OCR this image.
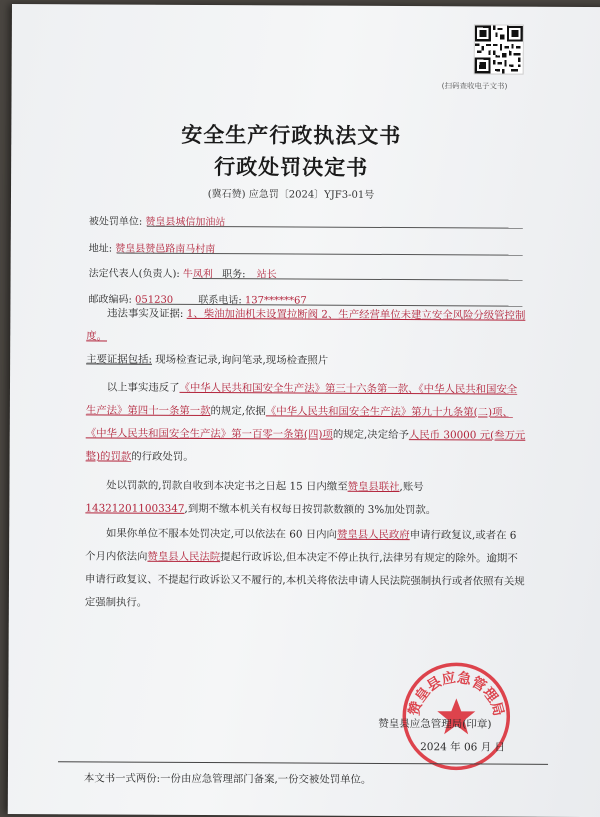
(扫码查收电子文书)
安全生产行政执法文书
行政处罚决定书
(冀石赞) 应急罚〔2024〕YJF3-01号
被处罚单位: 赞皇县城信加油站
地址: 赞皇县赞邑路南马村南
法定代表人(负责人): 牛凤利 职务: 站长
邮政编码: 051230	联系电话: 137******67
违法事实及证据: 1、柴油加油机未设置拉断阀 2、生产经营单位未建立安全风险分级管控制度。
主要证据包括: 现场检查记录,询问笔录,现场检查照片
以上事实违反了《中华人民共和国安全生产法》第三十六条第一款、《中华人民共和国安全生产法》第四十一条第一款的规定,依据《中华人民共和国安全生产法》第九十九条第(二)项、《中华人民共和国安全生产法》第一百零一条第(四)项的规定,决定给予人民币 30000 元(叁万元整)的罚款的行政处罚。
处以罚款的,罚款自收到本决定书之日起 15 日内缴至赞皇县联社,账号143212011003347,到期不缴本机关有权每日按罚款数额的 3%加处罚款。
如果你单位不服本处罚决定,可以依法在 60 日内向赞皇县人民政府申请行政复议,或者在 6 个月内依法向赞皇县人民法院提起行政诉讼,但本决定不停止执行,法律另有规定的除外。逾期不申请行政复议、不提起行政诉讼又不履行的,本机关将依法申请人民法院强制执行或者依照有关规定强制执行。
赞皇县应急管理局
赞皇县应急管理局(印章)
2024 年 06 月 日
本文书一式两份:一份由应急管理部门备案,一份交被处罚单位。
